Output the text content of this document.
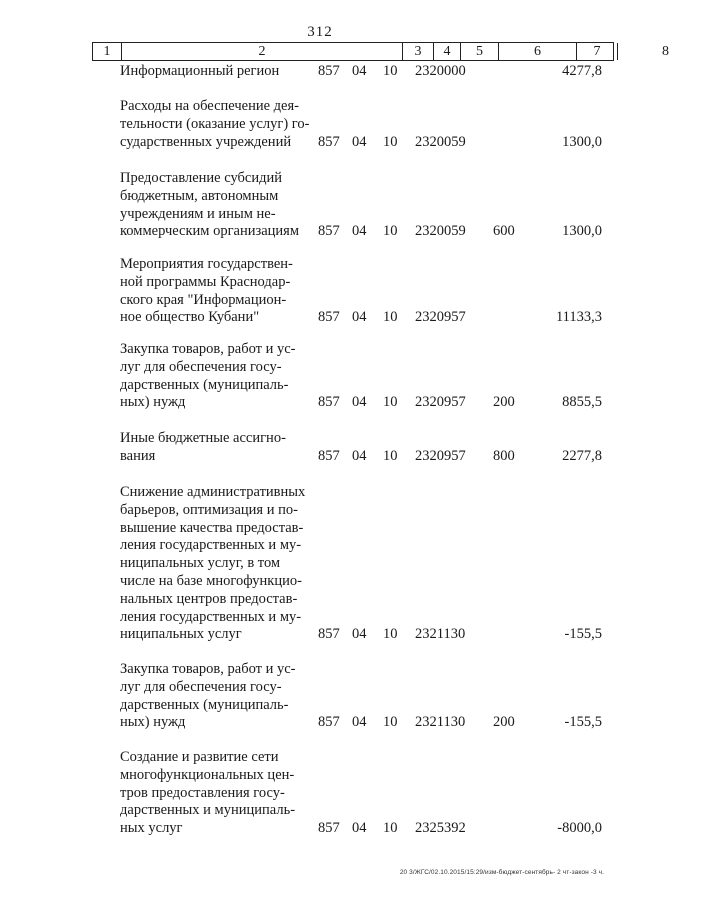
312
1	2	3	4	5	6	7	8
Информационный регион	857 04 10 2320000	4277,8
Расходы на обеспечение дея-
тельности (оказание услуг) го-
сударственных учреждений	857 04 10 2320059	1300,0
Предоставление субсидий
бюджетным, автономным
учреждениям и иным не-
коммерческим организациям	857 04 10 2320059 600	1300,0
Мероприятия государствен-
ной программы Краснодар-
ского края "Информацион-
ное общество Кубани"	857 04 10 2320957	11133,3
Закупка товаров, работ и ус-
луг для обеспечения госу-
дарственных (муниципаль-
ных) нужд	857 04 10 2320957 200	8855,5
Иные бюджетные ассигно-
вания	857 04 10 2320957 800	2277,8
Снижение административных
барьеров, оптимизация и по-
вышение качества предостав-
ления государственных и му-
ниципальных услуг, в том
числе на базе многофункцио-
нальных центров предостав-
ления государственных и му-
ниципальных услуг	857 04 10 2321130	-155,5
Закупка товаров, работ и ус-
луг для обеспечения госу-
дарственных (муниципаль-
ных) нужд	857 04 10 2321130 200	-155,5
Создание и развитие сети
многофункциональных цен-
тров предоставления госу-
дарственных и муниципаль-
ных услуг	857 04 10 2325392	-8000,0
20 3/ЖГС/02.10.2015/15:29/изм-бюджет-сентябрь- 2 чт-закон -3 ч.
